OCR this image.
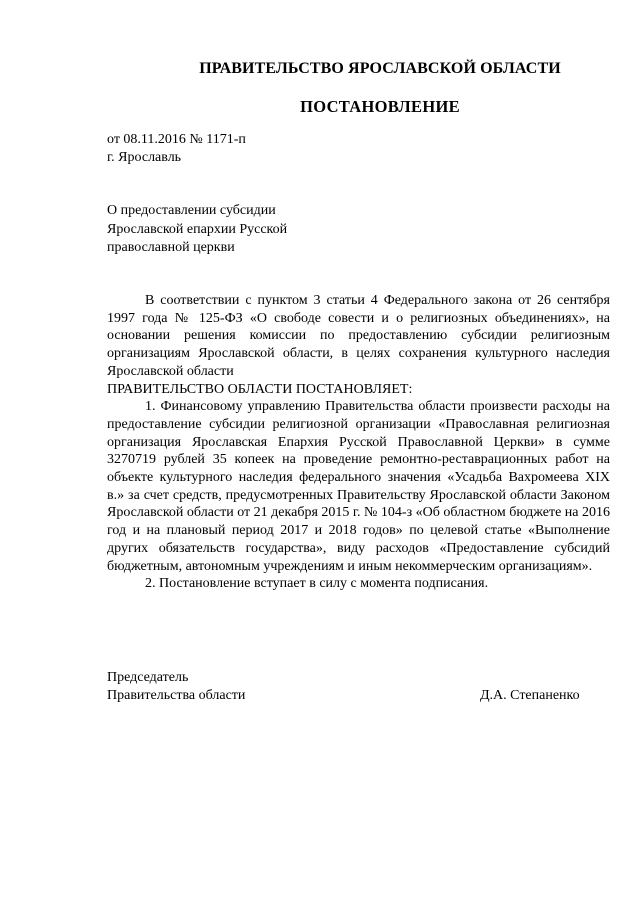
ПРАВИТЕЛЬСТВО ЯРОСЛАВСКОЙ ОБЛАСТИ
ПОСТАНОВЛЕНИЕ
от 08.11.2016 № 1171-п
г. Ярославль
О предоставлении субсидии
Ярославской епархии Русской
православной церкви

В соответствии с пунктом 3 статьи 4 Федерального закона от 26 сентября 1997 года № 125-ФЗ «О свободе совести и о религиозных объединениях», на основании решения комиссии по предоставлению субсидии религиозным организациям Ярославской области, в целях сохранения культурного наследия Ярославской области

ПРАВИТЕЛЬСТВО ОБЛАСТИ ПОСТАНОВЛЯЕТ:

1. Финансовому управлению Правительства области произвести расходы на предоставление субсидии религиозной организации «Православная религиозная организация Ярославская Епархия Русской Православной Церкви» в сумме 3270719 рублей 35 копеек на проведение ремонтно-реставрационных работ на объекте культурного наследия федерального значения «Усадьба Вахромеева XIX в.» за счет средств, предусмотренных Правительству Ярославской области Законом Ярославской области от 21 декабря 2015 г. № 104-з «Об областном бюджете на 2016 год и на плановый период 2017 и 2018 годов» по целевой статье «Выполнение других обязательств государства», виду расходов «Предоставление субсидий бюджетным, автономным учреждениям и иным некоммерческим организациям».

2. Постановление вступает в силу с момента подписания.

Председатель
Правительства области	Д.А. Степаненко
